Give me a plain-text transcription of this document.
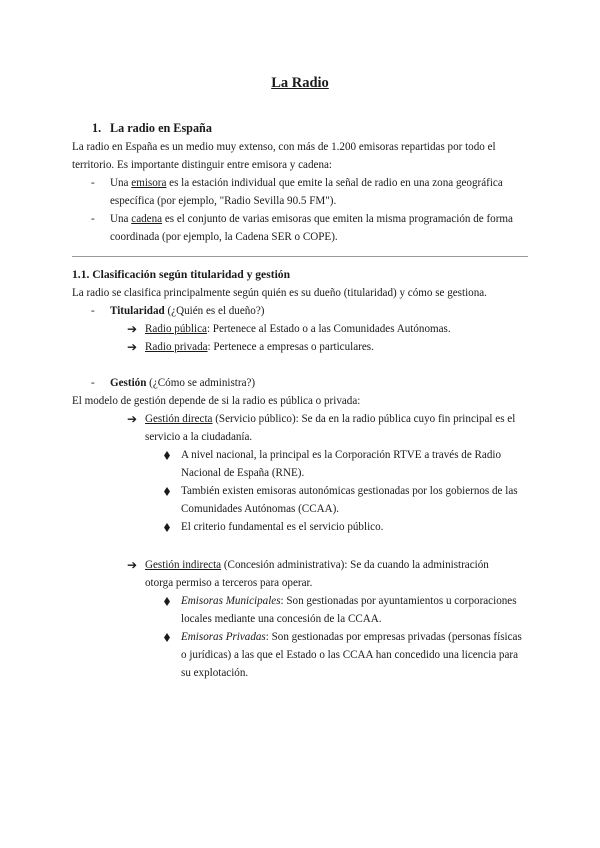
La Radio
1. La radio en España
La radio en España es un medio muy extenso, con más de 1.200 emisoras repartidas por todo el
territorio. Es importante distinguir entre emisora y cadena:
- Una emisora es la estación individual que emite la señal de radio en una zona geográfica
específica (por ejemplo, "Radio Sevilla 90.5 FM").
- Una cadena es el conjunto de varias emisoras que emiten la misma programación de forma
coordinada (por ejemplo, la Cadena SER o COPE).
1.1. Clasificación según titularidad y gestión
La radio se clasifica principalmente según quién es su dueño (titularidad) y cómo se gestiona.
- Titularidad (¿Quién es el dueño?)
➔ Radio pública: Pertenece al Estado o a las Comunidades Autónomas.
➔ Radio privada: Pertenece a empresas o particulares.
- Gestión (¿Cómo se administra?)
El modelo de gestión depende de si la radio es pública o privada:
➔ Gestión directa (Servicio público): Se da en la radio pública cuyo fin principal es el
servicio a la ciudadanía.
A nivel nacional, la principal es la Corporación RTVE a través de Radio
Nacional de España (RNE).
También existen emisoras autonómicas gestionadas por los gobiernos de las
Comunidades Autónomas (CCAA).
El criterio fundamental es el servicio público.
➔ Gestión indirecta (Concesión administrativa): Se da cuando la administración
otorga permiso a terceros para operar.
Emisoras Municipales: Son gestionadas por ayuntamientos u corporaciones
locales mediante una concesión de la CCAA.
Emisoras Privadas: Son gestionadas por empresas privadas (personas físicas
o jurídicas) a las que el Estado o las CCAA han concedido una licencia para
su explotación.
